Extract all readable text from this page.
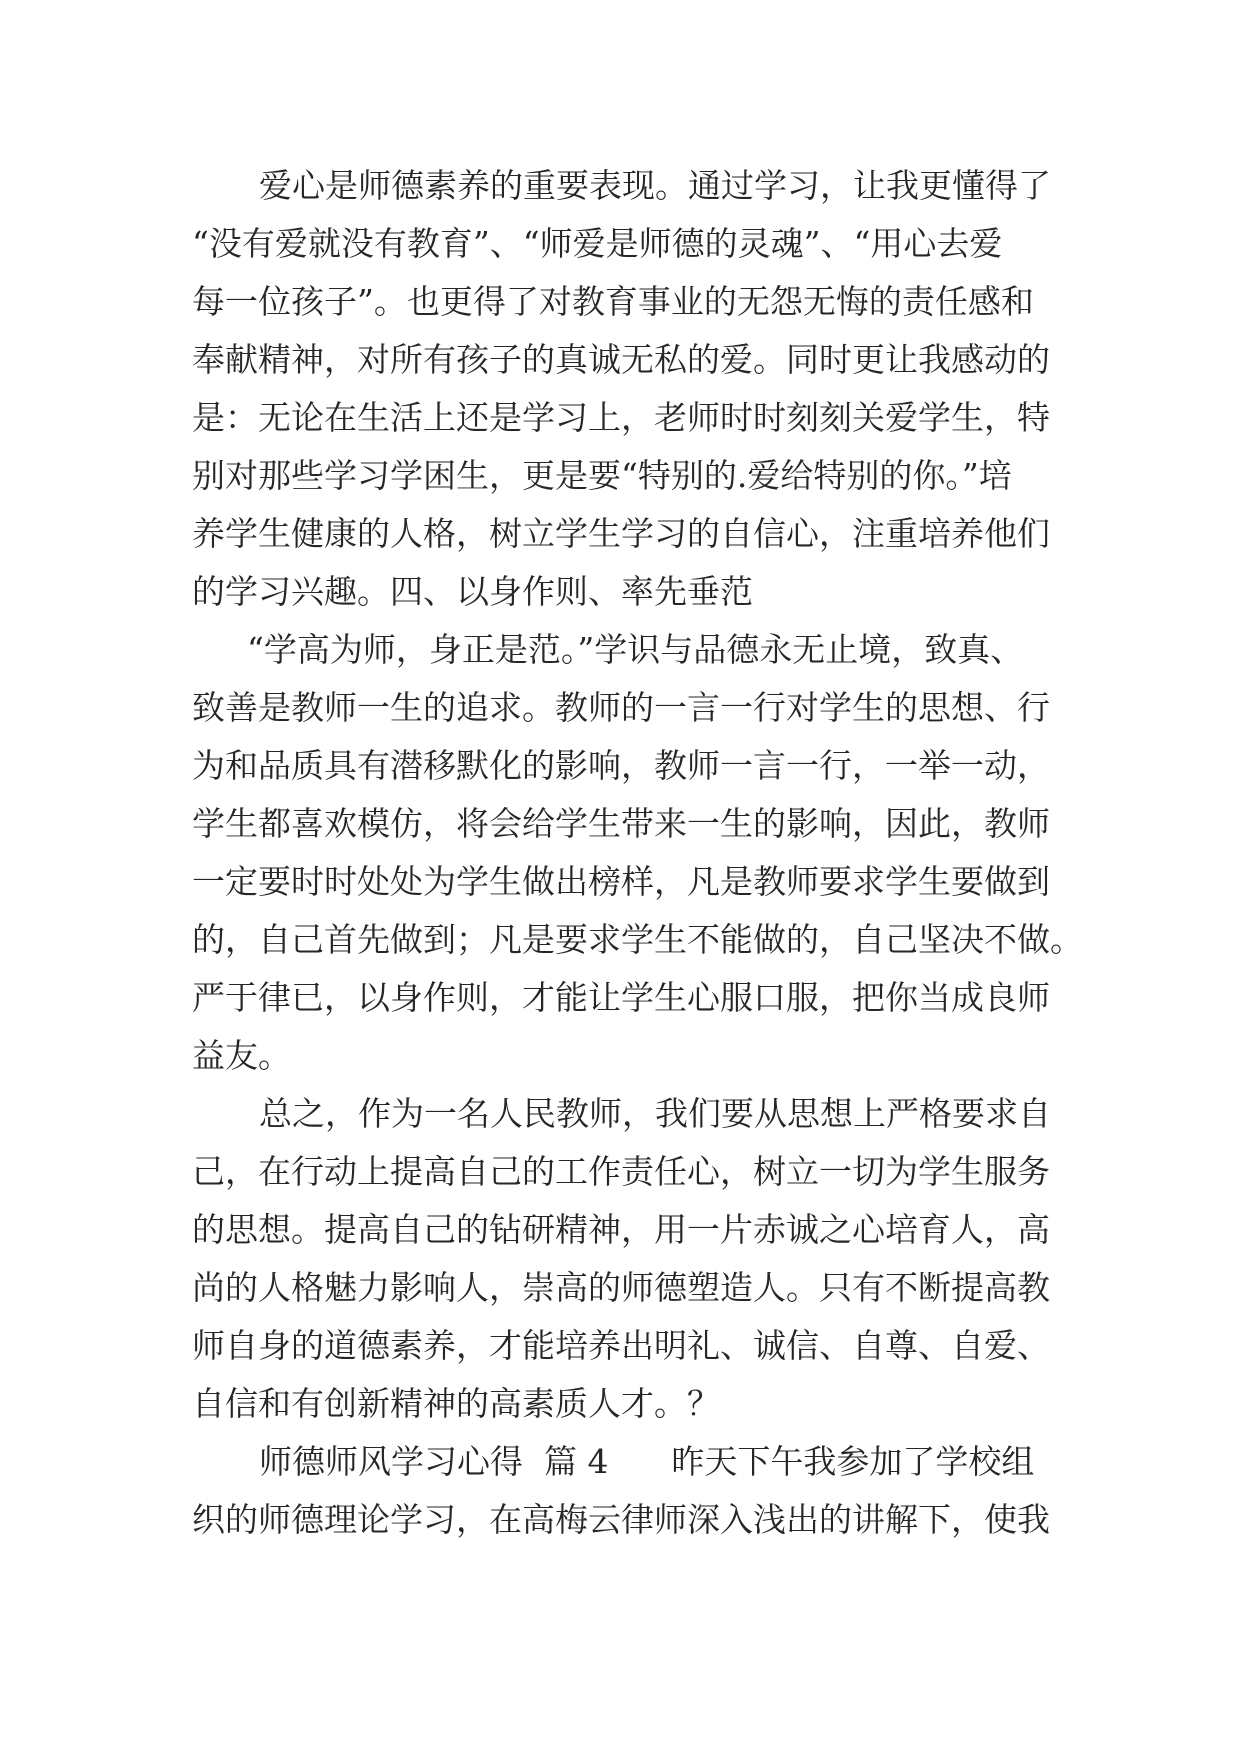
爱心是师德素养的重要表现。通过学习，让我更懂得了
“没有爱就没有教育”、“师爱是师德的灵魂”、“用心去爱
每一位孩子”。也更得了对教育事业的无怨无悔的责任感和
奉献精神，对所有孩子的真诚无私的爱。同时更让我感动的
是：无论在生活上还是学习上，老师时时刻刻关爱学生，特
别对那些学习学困生，更是要“特别的.爱给特别的你。”培
养学生健康的人格，树立学生学习的自信心，注重培养他们
的学习兴趣。四、以身作则、率先垂范
“学高为师，身正是范。”学识与品德永无止境，致真、
致善是教师一生的追求。教师的一言一行对学生的思想、行
为和品质具有潜移默化的影响，教师一言一行，一举一动，
学生都喜欢模仿，将会给学生带来一生的影响，因此，教师
一定要时时处处为学生做出榜样，凡是教师要求学生要做到
的，自己首先做到；凡是要求学生不能做的，自己坚决不做。
严于律已，以身作则，才能让学生心服口服，把你当成良师
益友。
总之，作为一名人民教师，我们要从思想上严格要求自
己，在行动上提高自己的工作责任心，树立一切为学生服务
的思想。提高自己的钻研精神，用一片赤诚之心培育人，高
尚的人格魅力影响人，崇高的师德塑造人。只有不断提高教
师自身的道德素养，才能培养出明礼、诚信、自尊、自爱、
自信和有创新精神的高素质人才。？
师德师风学习心得  篇 4      昨天下午我参加了学校组
织的师德理论学习，在高梅云律师深入浅出的讲解下，使我
